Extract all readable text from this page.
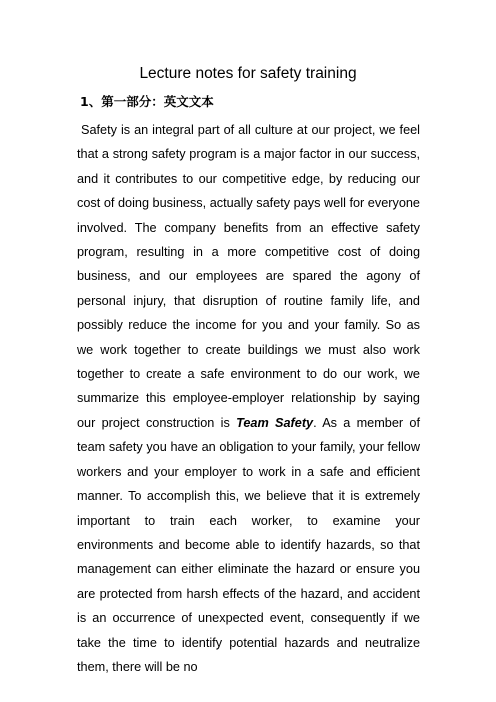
Lecture notes for safety training
1、第一部分：英文文本

Safety is an integral part of all culture at our project, we feel that a strong safety program is a major factor in our success, and it contributes to our competitive edge, by reducing our cost of doing business, actually safety pays well for everyone involved. The company benefits from an effective safety program, resulting in a more competitive cost of doing business, and our employees are spared the agony of personal injury, that disruption of routine family life, and possibly reduce the income for you and your family. So as we work together to create buildings we must also work together to create a safe environment to do our work, we summarize this employee-employer relationship by saying our project construction is Team Safety. As a member of team safety you have an obligation to your family, your fellow workers and your employer to work in a safe and efficient manner. To accomplish this, we believe that it is extremely important to train each worker, to examine your environments and become able to identify hazards, so that management can either eliminate the hazard or ensure you are protected from harsh effects of the hazard, and accident is an occurrence of unexpected event, consequently if we take the time to identify potential hazards and neutralize them, there will be no
